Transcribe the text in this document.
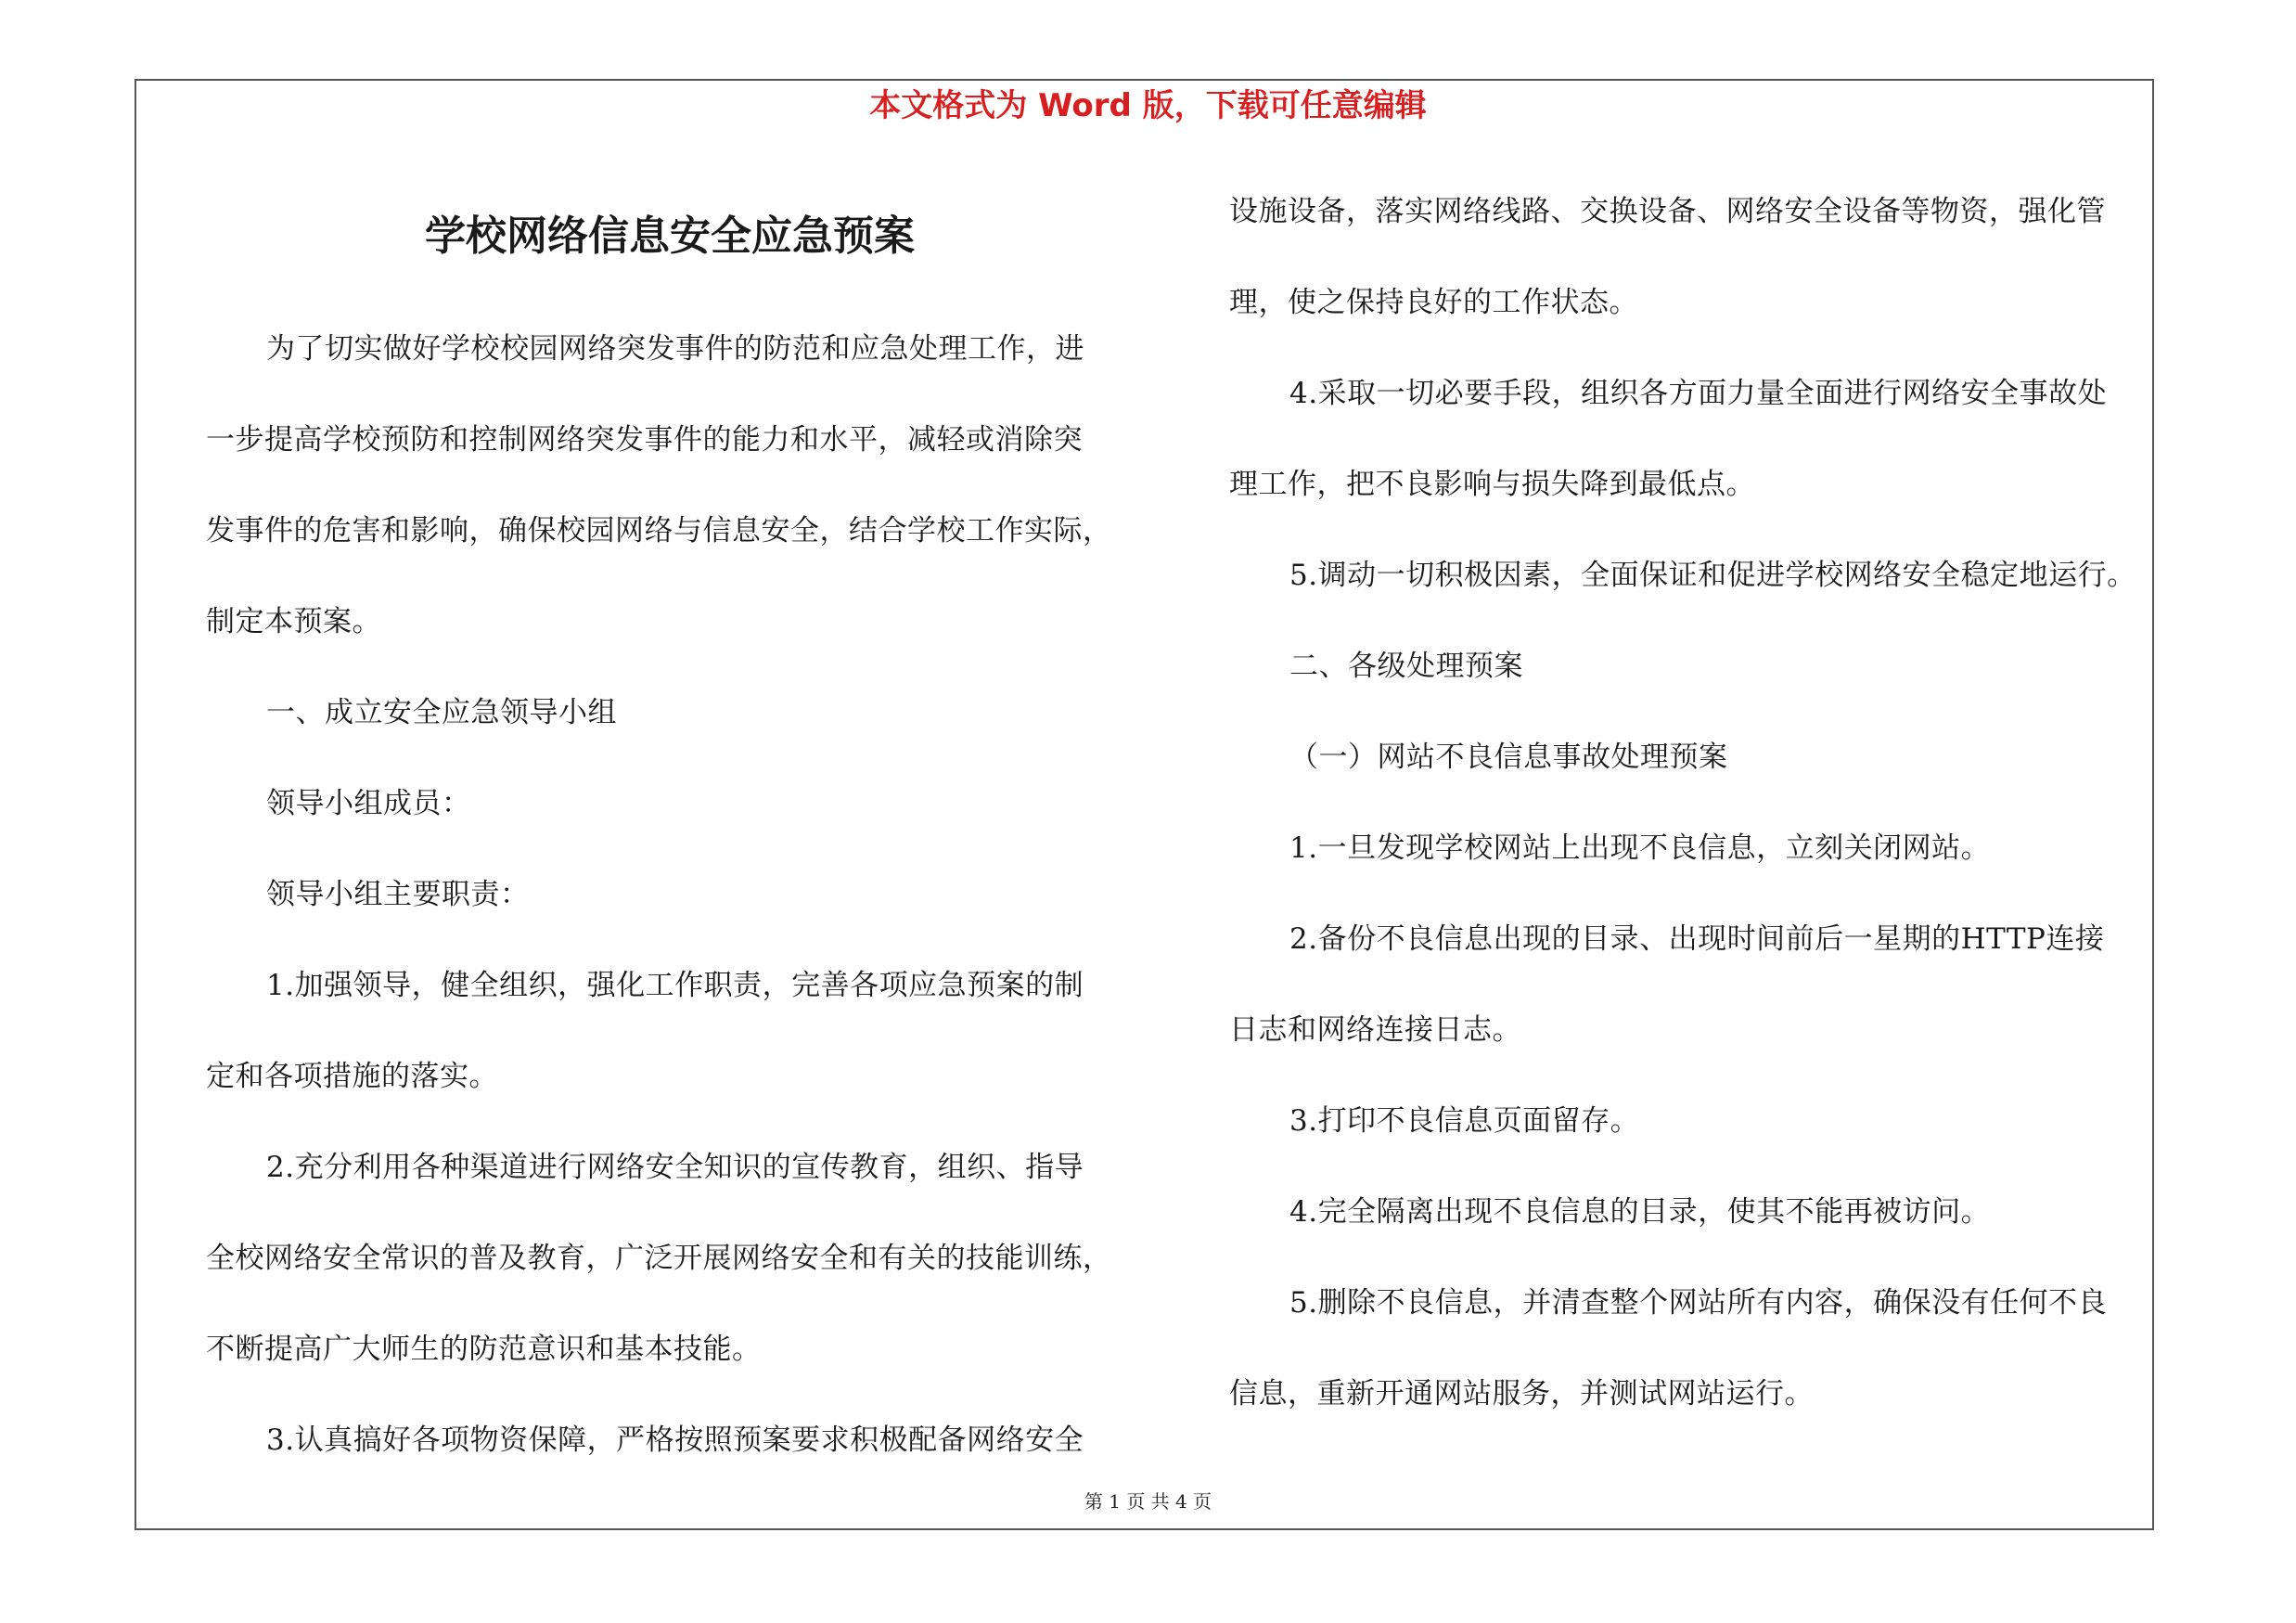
本文格式为 Word 版，下载可任意编辑
学校网络信息安全应急预案
为了切实做好学校校园网络突发事件的防范和应急处理工作，进
一步提高学校预防和控制网络突发事件的能力和水平，减轻或消除突
发事件的危害和影响，确保校园网络与信息安全，结合学校工作实际，
制定本预案。
一、成立安全应急领导小组
领导小组成员：
领导小组主要职责：
1.加强领导，健全组织，强化工作职责，完善各项应急预案的制
定和各项措施的落实。
2.充分利用各种渠道进行网络安全知识的宣传教育，组织、指导
全校网络安全常识的普及教育，广泛开展网络安全和有关的技能训练，
不断提高广大师生的防范意识和基本技能。
3.认真搞好各项物资保障，严格按照预案要求积极配备网络安全
设施设备，落实网络线路、交换设备、网络安全设备等物资，强化管
理，使之保持良好的工作状态。
4.采取一切必要手段，组织各方面力量全面进行网络安全事故处
理工作，把不良影响与损失降到最低点。
5.调动一切积极因素，全面保证和促进学校网络安全稳定地运行。
二、各级处理预案
（一）网站不良信息事故处理预案
1.一旦发现学校网站上出现不良信息，立刻关闭网站。
2.备份不良信息出现的目录、出现时间前后一星期的HTTP连接
日志和网络连接日志。
3.打印不良信息页面留存。
4.完全隔离出现不良信息的目录，使其不能再被访问。
5.删除不良信息，并清查整个网站所有内容，确保没有任何不良
信息，重新开通网站服务，并测试网站运行。
第 1 页 共 4 页
